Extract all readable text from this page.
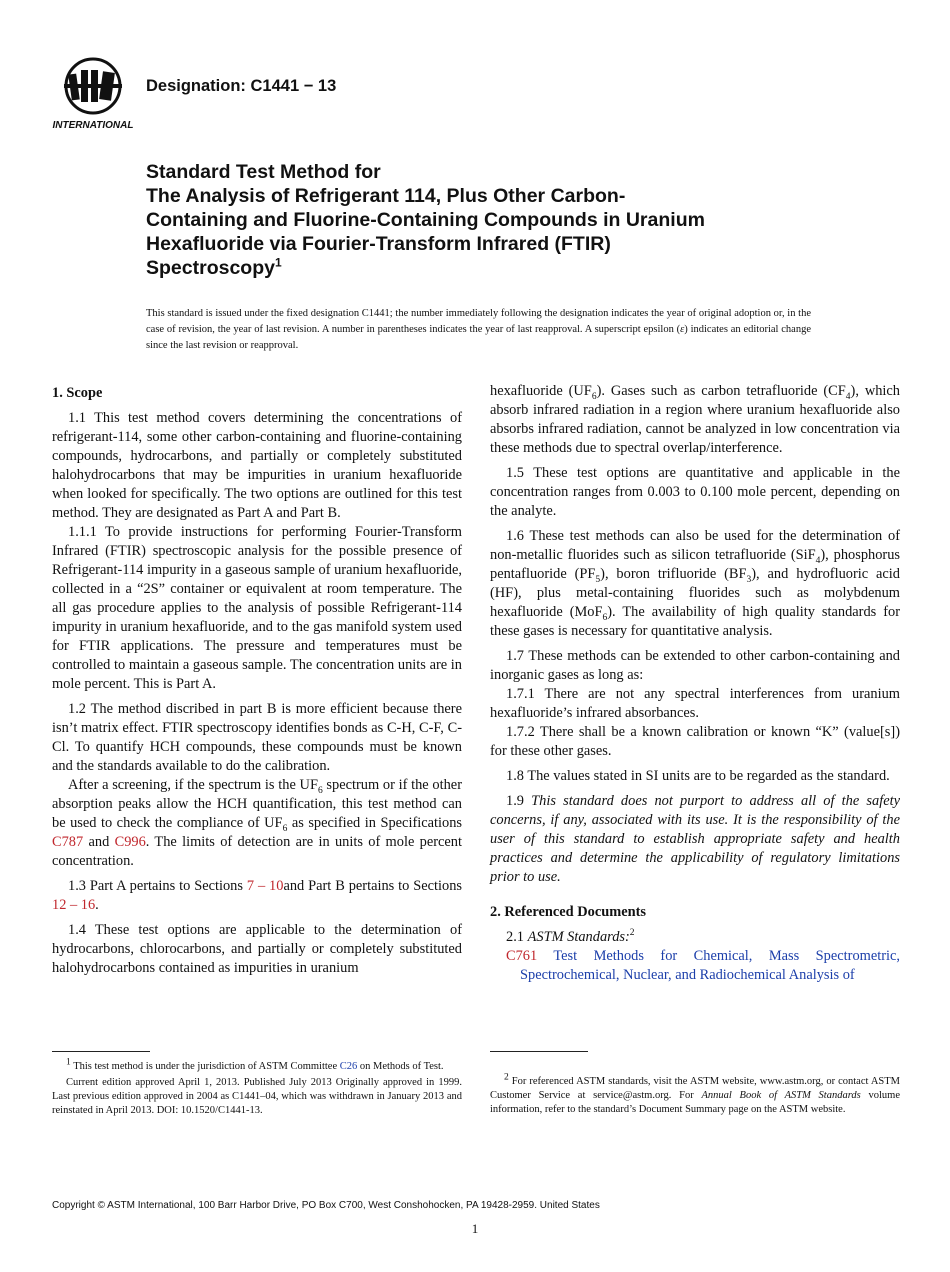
INTERNATIONAL
Designation: C1441 − 13
Standard Test Method for
The Analysis of Refrigerant 114, Plus Other Carbon-
Containing and Fluorine-Containing Compounds in Uranium
Hexafluoride via Fourier-Transform Infrared (FTIR)
Spectroscopy$^1$
This standard is issued under the fixed designation C1441; the number immediately following the designation indicates the year of original adoption or, in the case of revision, the year of last revision. A number in parentheses indicates the year of last reapproval. A superscript epsilon (ε) indicates an editorial change since the last revision or reapproval.

1. Scope

1.1 This test method covers determining the concentrations of refrigerant-114, some other carbon-containing and fluorine-containing compounds, hydrocarbons, and partially or completely substituted halohydrocarbons that may be impurities in uranium hexafluoride when looked for specifically. The two options are outlined for this test method. They are designated as Part A and Part B.

1.1.1 To provide instructions for performing Fourier-Transform Infrared (FTIR) spectroscopic analysis for the possible presence of Refrigerant-114 impurity in a gaseous sample of uranium hexafluoride, collected in a “2S” container or equivalent at room temperature. The all gas procedure applies to the analysis of possible Refrigerant-114 impurity in uranium hexafluoride, and to the gas manifold system used for FTIR applications. The pressure and temperatures must be controlled to maintain a gaseous sample. The concentration units are in mole percent. This is Part A.

1.2 The method discribed in part B is more efficient because there isn’t matrix effect. FTIR spectroscopy identifies bonds as C-H, C-F, C-Cl. To quantify HCH compounds, these compounds must be known and the standards available to do the calibration.

After a screening, if the spectrum is the $UF_6$ spectrum or if the other absorption peaks allow the HCH quantification, this test method can be used to check the compliance of $UF_6$ as specified in Specifications C787 and C996. The limits of detection are in units of mole percent concentration.

1.3 Part A pertains to Sections 7 – 10and Part B pertains to Sections 12 – 16.

1.4 These test options are applicable to the determination of hydrocarbons, chlorocarbons, and partially or completely substituted halohydrocarbons contained as impurities in uranium

hexafluoride $(UF_6)$. Gases such as carbon tetrafluoride $(CF_4)$, which absorb infrared radiation in a region where uranium hexafluoride also absorbs infrared radiation, cannot be analyzed in low concentration via these methods due to spectral overlap/interference.

1.5 These test options are quantitative and applicable in the concentration ranges from 0.003 to 0.100 mole percent, depending on the analyte.

1.6 These test methods can also be used for the determination of non-metallic fluorides such as silicon tetrafluoride (SiF$_4$), phosphorus pentafluoride $(PF_5)$, boron trifluoride $(BF_3)$, and hydrofluoric acid (HF), plus metal-containing fluorides such as molybdenum hexafluoride (MoF$_6$). The availability of high quality standards for these gases is necessary for quantitative analysis.

1.7 These methods can be extended to other carbon-containing and inorganic gases as long as:

1.7.1 There are not any spectral interferences from uranium hexafluoride’s infrared absorbances.

1.7.2 There shall be a known calibration or known “K” (value[s]) for these other gases.

1.8 The values stated in SI units are to be regarded as the standard.

1.9 This standard does not purport to address all of the safety concerns, if any, associated with its use. It is the responsibility of the user of this standard to establish appropriate safety and health practices and determine the applicability of regulatory limitations prior to use.

2. Referenced Documents

2.1 ASTM Standards:$^2$

C761 Test Methods for Chemical, Mass Spectrometric, Spectrochemical, Nuclear, and Radiochemical Analysis of

$^1$ This test method is under the jurisdiction of ASTM Committee C26 on Methods of Test.

Current edition approved April 1, 2013. Published July 2013 Originally approved in 1999. Last previous edition approved in 2004 as C1441–04, which was withdrawn in January 2013 and reinstated in April 2013. DOI: 10.1520/C1441-13.

$^2$ For referenced ASTM standards, visit the ASTM website, www.astm.org, or contact ASTM Customer Service at service@astm.org. For Annual Book of ASTM Standards volume information, refer to the standard’s Document Summary page on the ASTM website.

Copyright © ASTM International, 100 Barr Harbor Drive, PO Box C700, West Conshohocken, PA 19428-2959. United States
1
